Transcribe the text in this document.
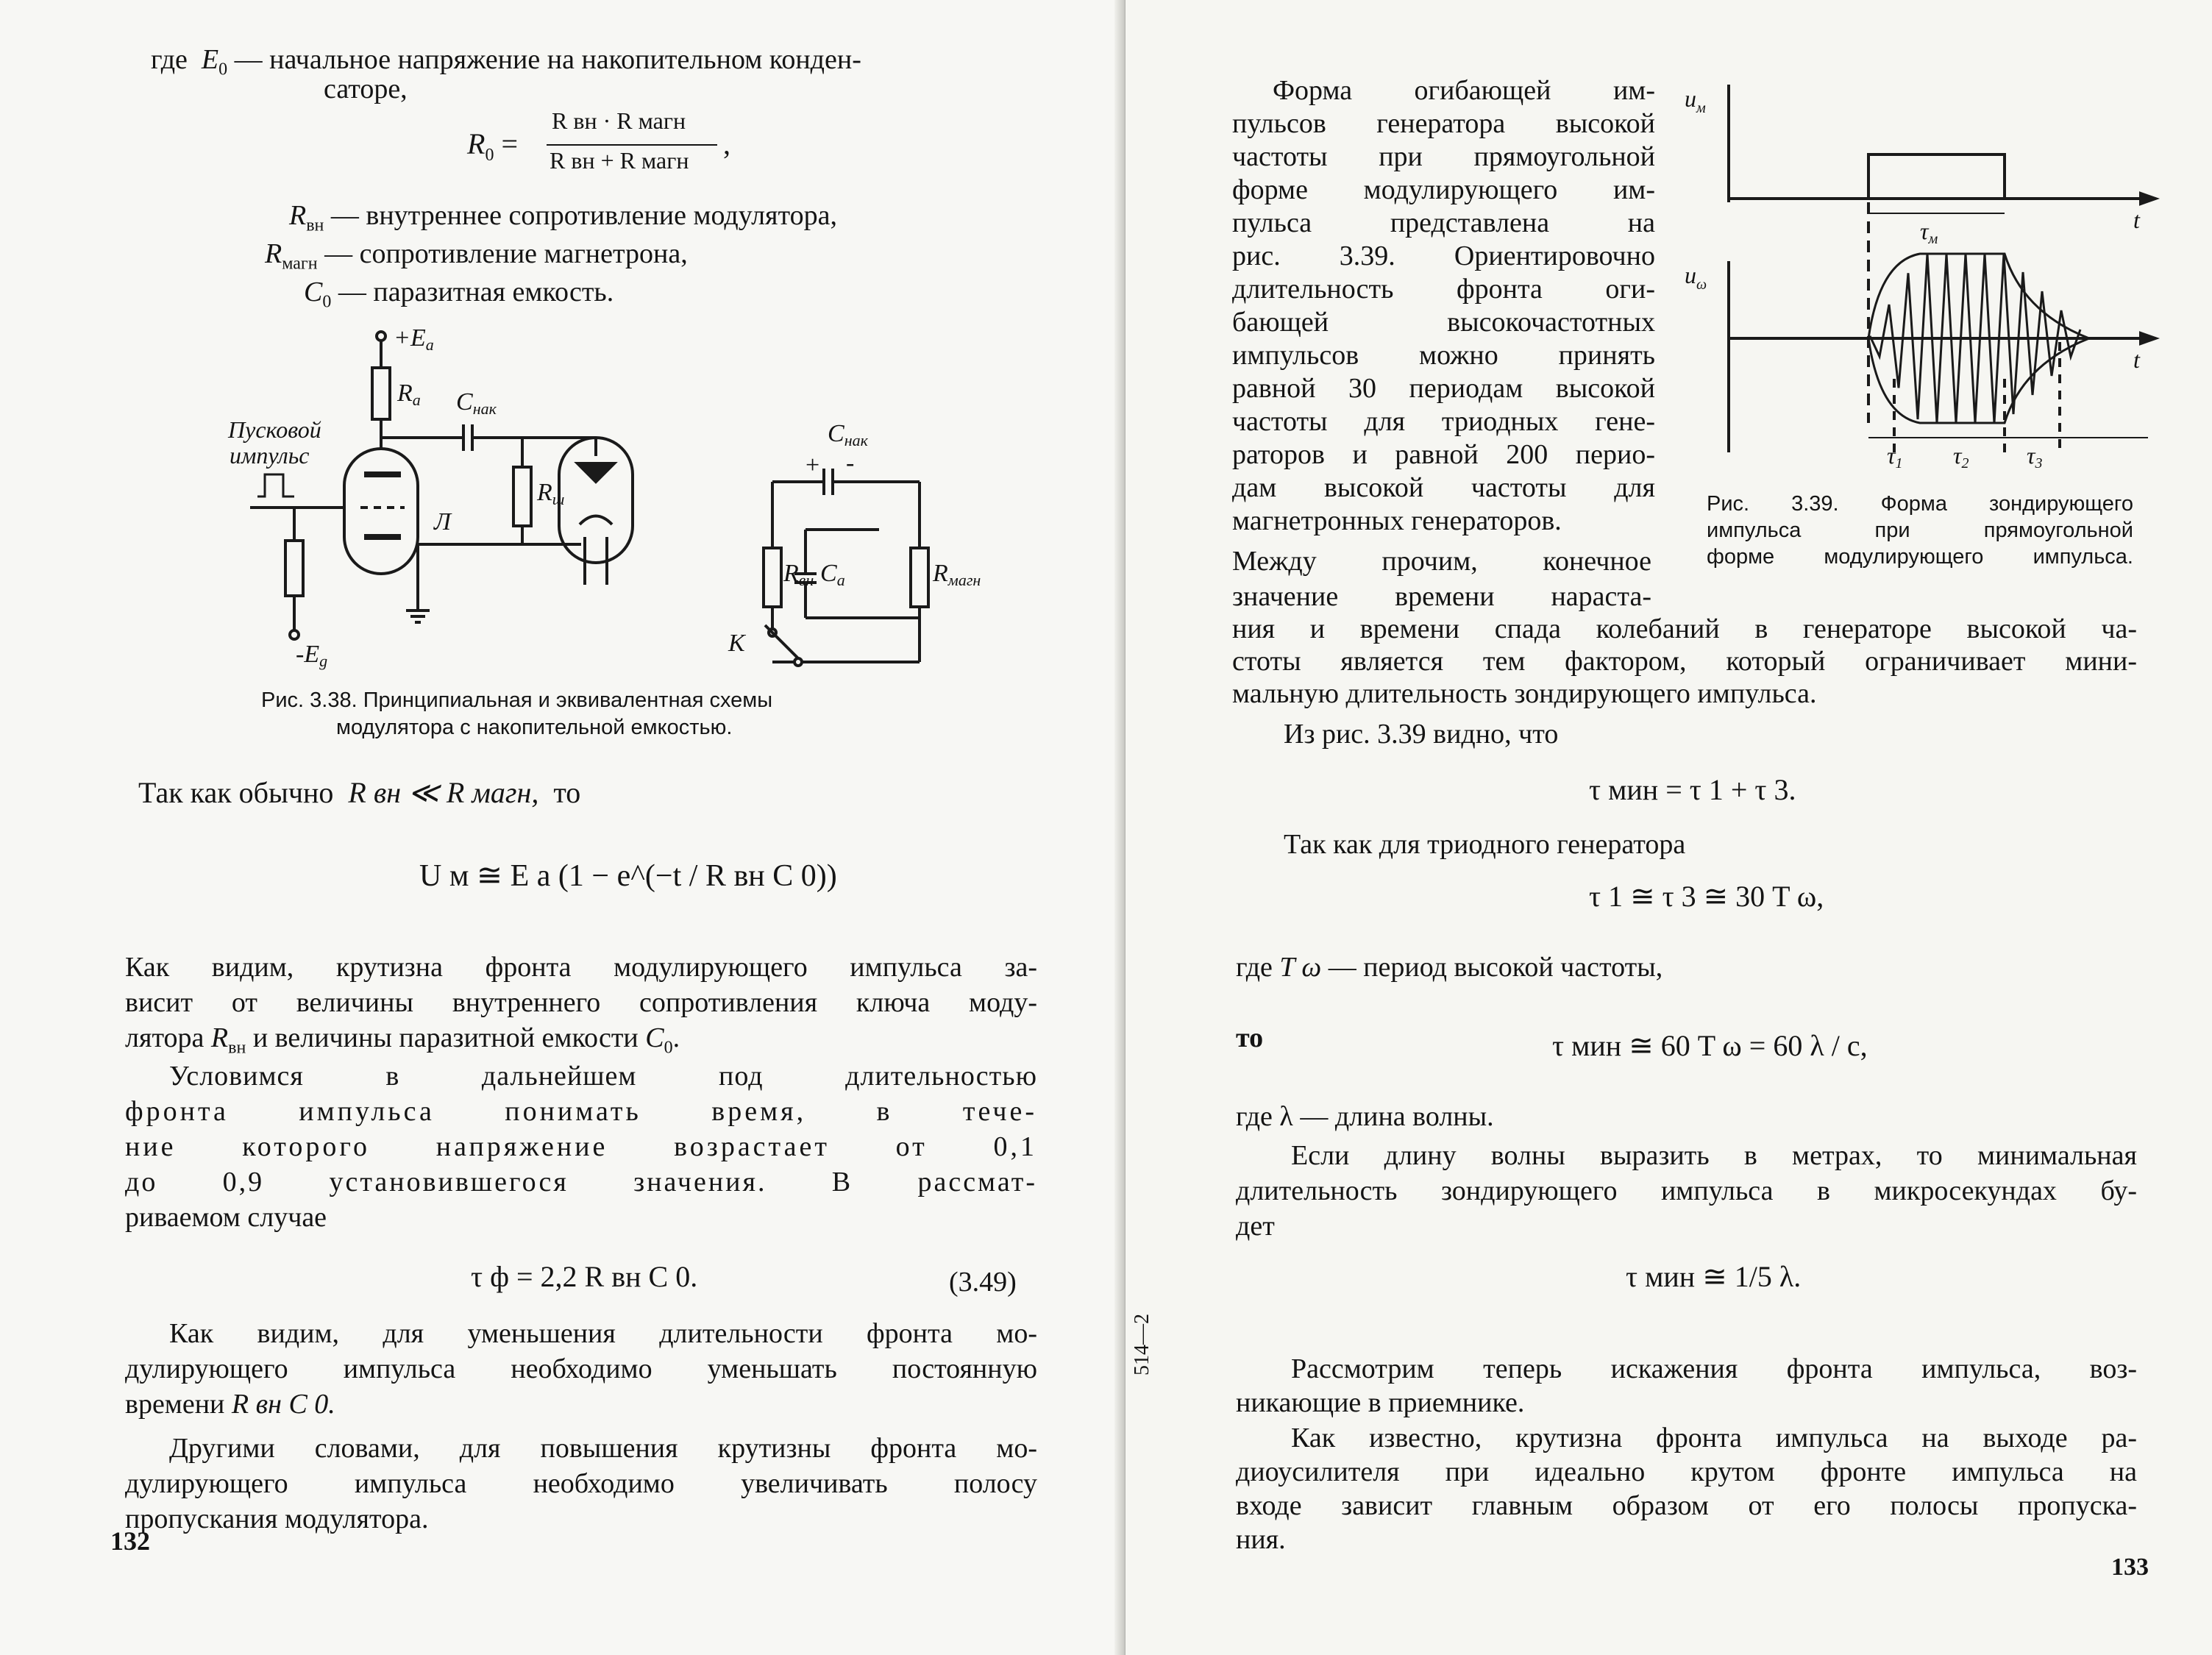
где $E_0$ — начальное напряжение на накопительном конден-
саторе,
$R_0$ =
R вн · R магн
R вн + R магн ,
$R_{вн}$ — внутреннее сопротивление модулятора,
$R_{магн}$ — сопротивление магнетрона,
$C_0$ — паразитная емкость.
+Ea
Ra Cнак
Пусковой
импульс
Л
Rш
-Eg
Cнак
+ -
Rвн Ca	Rмагн
К
Рис. 3.38. Принципиальная и эквивалентная схемы
модулятора с накопительной емкостью.
Так как обычно R вн ≪ R магн, то
U м ≅ E a (1 − e^(−t / R вн C 0))
Как видим, крутизна фронта модулирующего импульса за-
висит от величины внутреннего сопротивления ключа моду-
лятора $R_{вн}$ и величины паразитной емкости $C_0$.
Условимся в дальнейшем под длительностью
фронта импульса понимать время, в тече-
ние которого напряжение возрастает от 0,1
до 0,9 установившегося значения. В рассмат-
риваемом случае
τ ф = 2,2 R вн C 0.	(3.49)
Как видим, для уменьшения длительности фронта мо-
дулирующего импульса необходимо уменьшать постоянную
времени R вн C 0.
Другими словами, для повышения крутизны фронта мо-
дулирующего импульса необходимо увеличивать полосу
пропускания модулятора.
132
514—2
Форма огибающей им-
пульсов генератора высокой
частоты при прямоугольной
форме модулирующего им-
пульса представлена на
рис. 3.39. Ориентировочно
длительность фронта оги-
бающей высокочастотных
импульсов можно принять
равной 30 периодам высокой
частоты для триодных гене-
раторов и равной 200 перио-
дам высокой частоты для
магнетронных генераторов.
Между прочим, конечное
значение времени нараста-
ния и времени спада колебаний в генераторе высокой ча-
стоты является тем фактором, который ограничивает мини-
мальную длительность зондирующего импульса.
$u_м$
t
τм
$u_\omega$
t
τ1 τ2 τ3
Рис. 3.39. Форма зондирующего
импульса при прямоугольной
форме модулирующего импульса.
Из рис. 3.39 видно, что
τ мин = τ 1 + τ 3.
Так как для триодного генератора
τ 1 ≅ τ 3 ≅ 30 T ω,
где T ω — период высокой частоты,
то	τ мин ≅ 60 T ω = 60 λ / c,
где λ — длина волны.
Если длину волны выразить в метрах, то минимальная
длительность зондирующего импульса в микросекундах бу-
дет
τ мин ≅ 1/5 λ.
Рассмотрим теперь искажения фронта импульса, воз-
никающие в приемнике.
Как известно, крутизна фронта импульса на выходе ра-
диоусилителя при идеально крутом фронте импульса на
входе зависит главным образом от его полосы пропуска-
ния.
133
